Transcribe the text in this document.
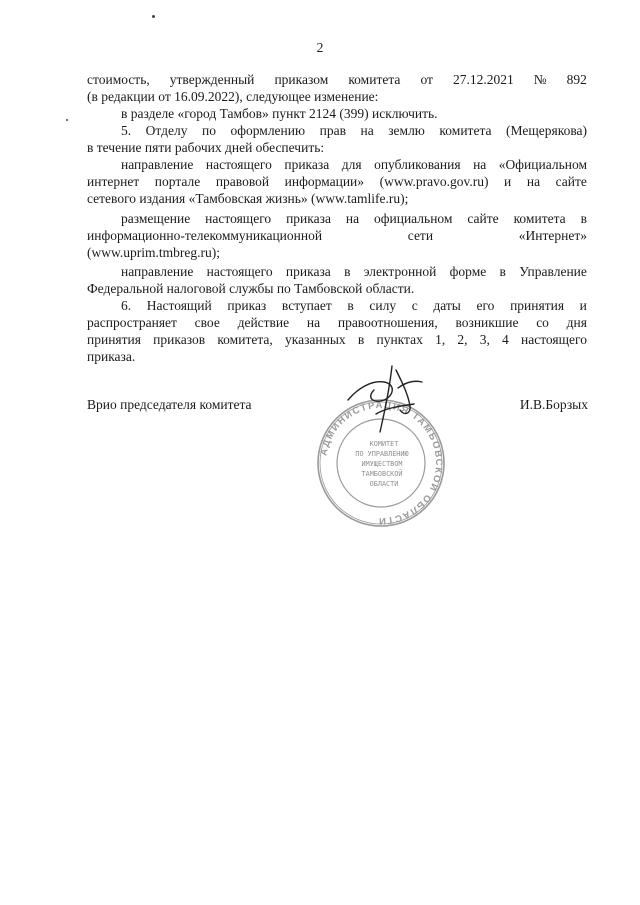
2
стоимость, утвержденный приказом комитета от 27.12.2021 № 892
(в редакции от 16.09.2022), следующее изменение:
в разделе «город Тамбов» пункт 2124 (399) исключить.
5. Отделу по оформлению прав на землю комитета (Мещерякова)
в течение пяти рабочих дней обеспечить:
направление настоящего приказа для опубликования на «Официальном
интернет портале правовой информации» (www.pravo.gov.ru) и на сайте
сетевого издания «Тамбовская жизнь» (www.tamlife.ru);
размещение настоящего приказа на официальном сайте комитета в
информационно-телекоммуникационной	сети	«Интернет»
(www.uprim.tmbreg.ru);
направление настоящего приказа в электронной форме в Управление
Федеральной налоговой службы по Тамбовской области.
6. Настоящий приказ вступает в силу с даты его принятия и
распространяет свое действие на правоотношения, возникшие со дня
принятия приказов комитета, указанных в пунктах 1, 2, 3, 4 настоящего
приказа.
Врио председателя комитета	И.В.Борзых
АДМИНИСТРАЦИЯ ТАМБОВСКОЙ ОБЛАСТИ
КОМИТЕТ
ПО УПРАВЛЕНИЮ
ИМУЩЕСТВОМ
ТАМБОВСКОЙ
ОБЛАСТИ
